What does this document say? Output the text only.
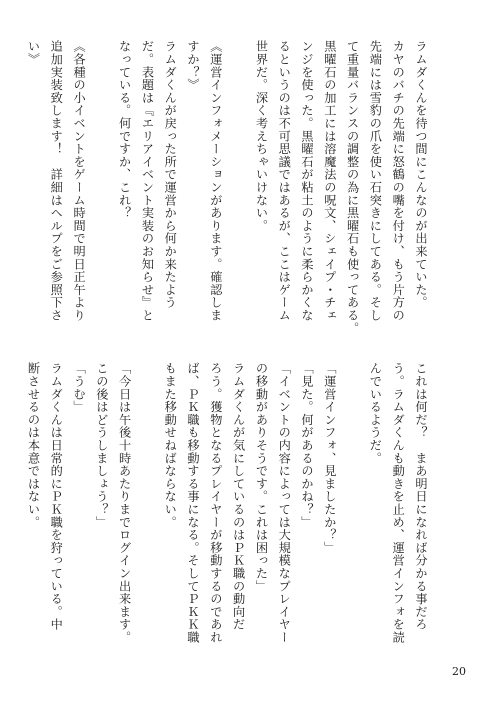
ラムダくんを待つ間にこんなのが出来ていた。
カヤのバチの先端に怒鶴の嘴を付け、もう片方の
先端には雪豹の爪を使い石突きにしてある。そし
て重量バランスの調整の為に黒曜石も使ってある。
黒曜石の加工には溶魔法の呪文、シェイプ・チェ
ンジを使った。黒曜石が粘土のように柔らかくな
るというのは不可思議ではあるが、ここはゲーム
世界だ。深く考えちゃいけない。
《運営インフォメーションがあります。確認しま
すか？》
ラムダくんが戻った所で運営から何か来たよう
だ。表題は『エリアイベント実装のお知らせ』と
なっている。何ですか、これ？
《各種の小イベントをゲーム時間で明日正午より
追加実装致します！　詳細はヘルプをご参照下さ
い》
これは何だ？　まあ明日になれば分かる事だろ
う。ラムダくんも動きを止め、運営インフォを読
んでいるようだ。
「運営インフォ、見ましたか？」
「見た。何があるのかね？」
「イベントの内容によっては大規模なプレイヤー
の移動がありそうです。これは困った」
ラムダくんが気にしているのはＰＫ職の動向だ
ろう。獲物となるプレイヤーが移動するのであれ
ば、ＰＫ職も移動する事になる。そしてＰＫＫ職
もまた移動せねばならない。
「今日は午後十時あたりまでログイン出来ます。
この後はどうしましょう？」
「うむ」
ラムダくんは日常的にＰＫ職を狩っている。中
断させるのは本意ではない。
20
